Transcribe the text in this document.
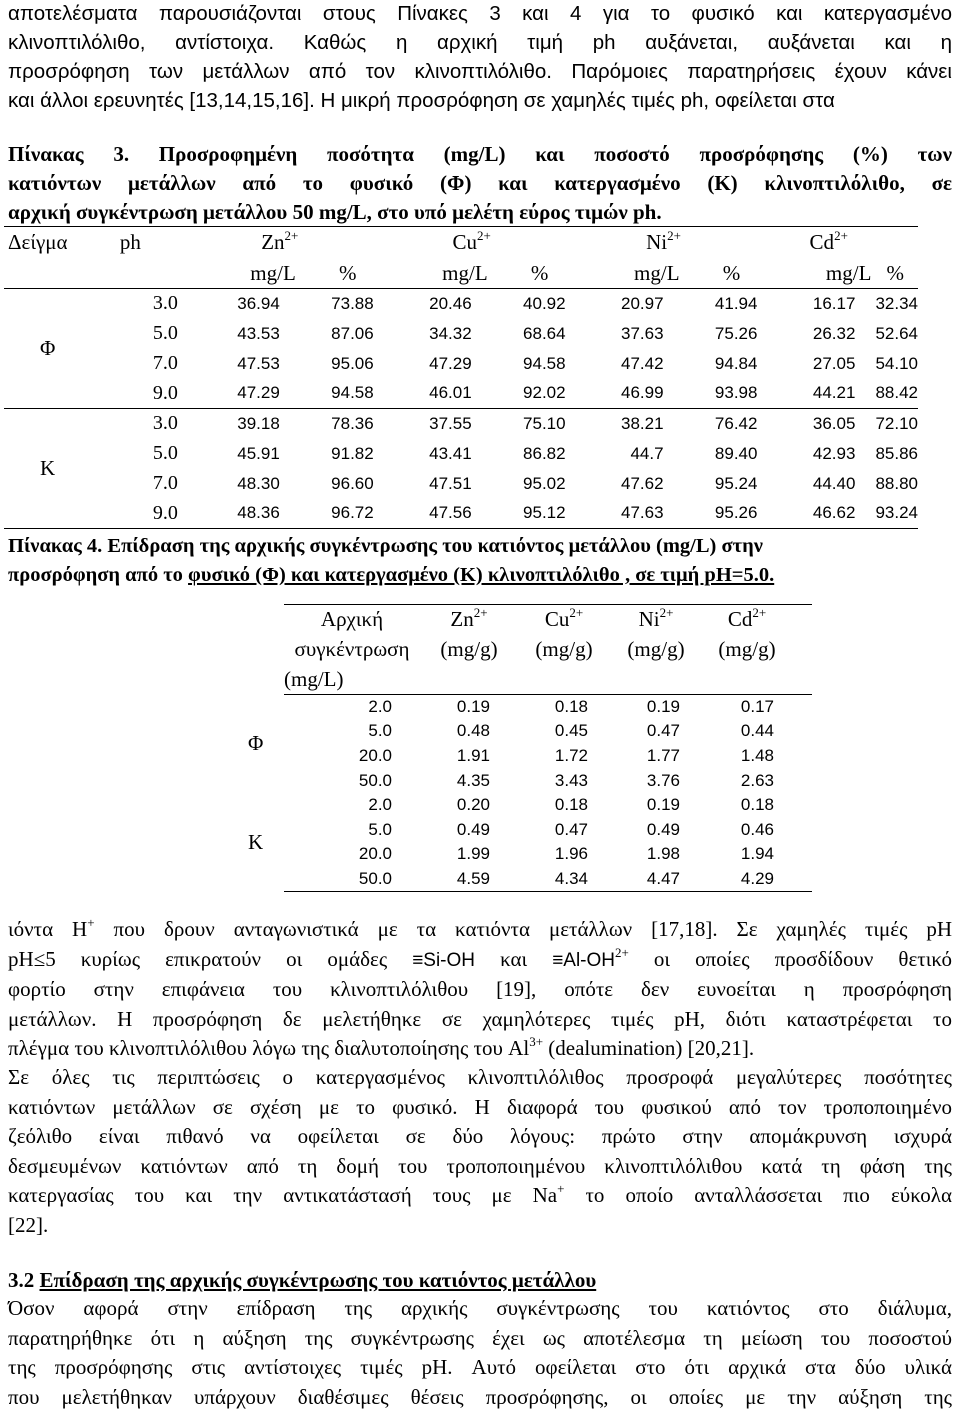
αποτελέσματα παρουσιάζονται στους Πίνακες 3 και 4 για το φυσικό και κατεργασμένο
κλινοπτιλόλιθο, αντίστοιχα. Καθώς η αρχική τιμή ph αυξάνεται, αυξάνεται και η
προσρόφηση των μετάλλων από τον κλινοπτιλόλιθο. Παρόμοιες παρατηρήσεις έχουν κάνει
και άλλοι ερευνητές [13,14,15,16]. Η μικρή προσρόφηση σε χαμηλές τιμές ph, οφείλεται στα
Πίνακας 3. Προσροφημένη ποσότητα (mg/L) και ποσοστό προσρόφησης (%) των
κατιόντων μετάλλων από το φυσικό (Φ) και κατεργασμένο (Κ) κλινοπτιλόλιθο, σε
αρχική συγκέντρωση μετάλλου 50 mg/L, στο υπό μελέτη εύρος τιμών ph.
Δείγμα	ph	$Zn^{2+}$		$Cu^{2+}$		$Ni^{2+}$		$Cd^{2+}$
		mg/L	%	mg/L	%	mg/L	%	mg/L	%
Φ	3.0	36.94	73.88	20.46	40.92	20.97	41.94	16.17	32.34
	5.0	43.53	87.06	34.32	68.64	37.63	75.26	26.32	52.64
	7.0	47.53	95.06	47.29	94.58	47.42	94.84	27.05	54.10
	9.0	47.29	94.58	46.01	92.02	46.99	93.98	44.21	88.42
Κ	3.0	39.18	78.36	37.55	75.10	38.21	76.42	36.05	72.10
	5.0	45.91	91.82	43.41	86.82	44.7	89.40	42.93	85.86
	7.0	48.30	96.60	47.51	95.02	47.62	95.24	44.40	88.80
	9.0	48.36	96.72	47.56	95.12	47.63	95.26	46.62	93.24
Πίνακας 4. Επίδραση της αρχικής συγκέντρωσης του κατιόντος μετάλλου (mg/L) στην
προσρόφηση από το φυσικό (Φ) και κατεργασμένο (Κ) κλινοπτιλόλιθο , σε τιμή pH=5.0.
	Αρχική	$Zn^{2+}$	$Cu^{2+}$	$Ni^{2+}$	$Cd^{2+}$
	συγκέντρωση	(mg/g)	(mg/g)	(mg/g)	(mg/g)
	(mg/L)				
Φ	2.0	0.19	0.18	0.19	0.17
	5.0	0.48	0.45	0.47	0.44
	20.0	1.91	1.72	1.77	1.48
	50.0	4.35	3.43	3.76	2.63
Κ	2.0	0.20	0.18	0.19	0.18
	5.0	0.49	0.47	0.49	0.46
	20.0	1.99	1.96	1.98	1.94
	50.0	4.59	4.34	4.47	4.29
ιόντα Η+ που δρουν ανταγωνιστικά με τα κατιόντα μετάλλων [17,18]. Σε χαμηλές τιμές pH
pH≤5 κυρίως επικρατούν οι ομάδες ≡Si-OH $\kappa\alpha\iota \equiv Al-OH^{2+}$ οι οποίες προσδίδουν θετικό
φορτίο στην επιφάνεια του κλινοπτιλόλιθου [19], οπότε δεν ευνοείται η προσρόφηση
μετάλλων. Η προσρόφηση δε μελετήθηκε σε χαμηλότερες τιμές pH, διότι καταστρέφεται το
πλέγμα του κλινοπτιλόλιθου λόγω της διαλυτοποίησης του $Al^{3+}$ (dealumination) [20,21].
Σε όλες τις περιπτώσεις ο κατεργασμένος κλινοπτιλόλιθος προσροφά μεγαλύτερες ποσότητες
κατιόντων μετάλλων σε σχέση με το φυσικό. Η διαφορά του φυσικού από τον τροποποιημένο
ζεόλιθο είναι πιθανό να οφείλεται σε δύο λόγους: πρώτο στην απομάκρυνση ισχυρά
δεσμευμένων κατιόντων από τη δομή του τροποποιημένου κλινοπτιλόλιθου κατά τη φάση της
κατεργασίας του και την αντικατάστασή τους με Na+ το οποίο ανταλλάσσεται πιο εύκολα
[22].
3.2 Επίδραση της αρχικής συγκέντρωσης του κατιόντος μετάλλου
Όσον αφορά στην επίδραση της αρχικής συγκέντρωσης του κατιόντος στο διάλυμα,
παρατηρήθηκε ότι η αύξηση της συγκέντρωσης έχει ως αποτέλεσμα τη μείωση του ποσοστού
της προσρόφησης στις αντίστοιχες τιμές pH. Αυτό οφείλεται στο ότι αρχικά στα δύο υλικά
που μελετήθηκαν υπάρχουν διαθέσιμες θέσεις προσρόφησης, οι οποίες με την αύξηση της
